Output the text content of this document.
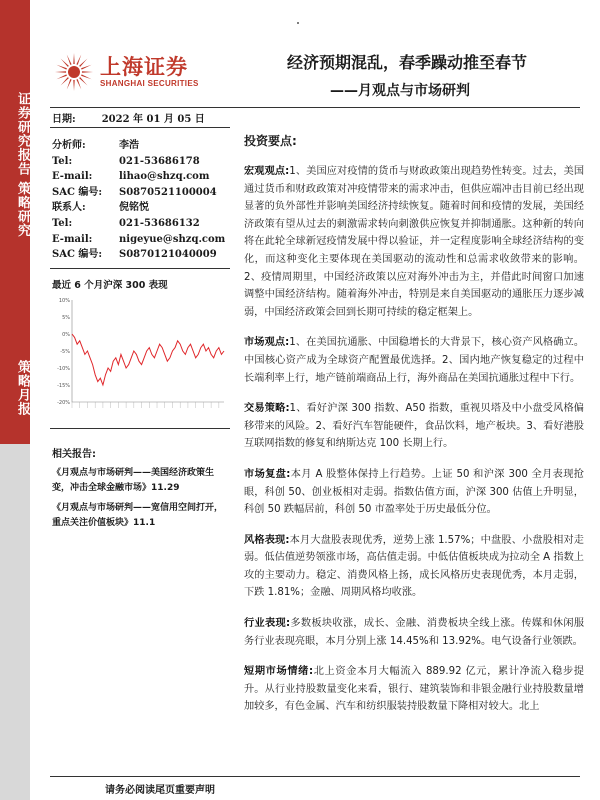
证券研究报告 策略研究
策略月报
上海证券
SHANGHAI SECURITIES
经济预期混乱，春季躁动推至春节
——月观点与市场研判
日期:	2022 年 01 月 05 日
分析师:	李浩
Tel:	021-53686178
E-mail:	lihao@shzq.com
SAC 编号:	S0870521100004
联系人:	倪铭悦
Tel:	021-53686132
E-mail:	nigeyue@shzq.com
SAC 编号:	S0870121040009
最近 6 个月沪深 300 表现
-20%
-15%
-10%
-5%
0%
5%
10%
相关报告:
《月观点与市场研判——美国经济政策生变，冲击全球金融市场》11.29
《月观点与市场研判——宽信用空间打开，重点关注价值板块》11.1
投资要点:
宏观观点:1、美国应对疫情的货币与财政政策出现趋势性转变。过去，美国通过货币和财政政策对冲疫情带来的需求冲击，但供应端冲击目前已经出现显著的负外部性并影响美国经济持续恢复。随着时间和疫情的发展，美国经济政策有望从过去的刺激需求转向刺激供应恢复并抑制通胀。这种新的转向将在此轮全球新冠疫情发展中得以验证，并一定程度影响全球经济结构的变化，而这种变化主要体现在美国驱动的流动性和总需求收敛带来的影响。2、疫情周期里，中国经济政策以应对海外冲击为主，并借此时间窗口加速调整中国经济结构。随着海外冲击，特别是来自美国驱动的通胀压力逐步减弱，中国经济政策会回到长期可持续的稳定框架上。
市场观点:1、在美国抗通胀、中国稳增长的大背景下，核心资产风格确立。中国核心资产成为全球资产配置最优选择。2、国内地产恢复稳定的过程中长端利率上行，地产链前端商品上行，海外商品在美国抗通胀过程中下行。
交易策略:1、看好沪深 300 指数、A50 指数，重视贝塔及中小盘受风格偏移带来的风险。2、看好汽车智能硬件，食品饮料，地产板块。3、看好港股互联网指数的修复和纳斯达克 100 长期上行。
市场复盘:本月 A 股整体保持上行趋势。上证 50 和沪深 300 全月表现抢眼，科创 50、创业板相对走弱。指数估值方面，沪深 300 估值上升明显，科创 50 跌幅居前，科创 50 市盈率处于历史最低分位。
风格表现:本月大盘股表现优秀，逆势上涨 1.57%；中盘股、小盘股相对走弱。低估值逆势领涨市场，高估值走弱。中低估值板块成为拉动全 A 指数上攻的主要动力。稳定、消费风格上扬，成长风格历史表现优秀，本月走弱，下跌 1.81%；金融、周期风格均收涨。
行业表现:多数板块收涨，成长、金融、消费板块全线上涨。传媒和休闲服务行业表现亮眼，本月分别上涨 14.45%和 13.92%。电气设备行业领跌。
短期市场情绪:北上资金本月大幅流入 889.92 亿元，累计净流入稳步提升。从行业持股数量变化来看，银行、建筑装饰和非银金融行业持股数量增加较多，有色金属、汽车和纺织服装持股数量下降相对较大。北上
请务必阅读尾页重要声明
